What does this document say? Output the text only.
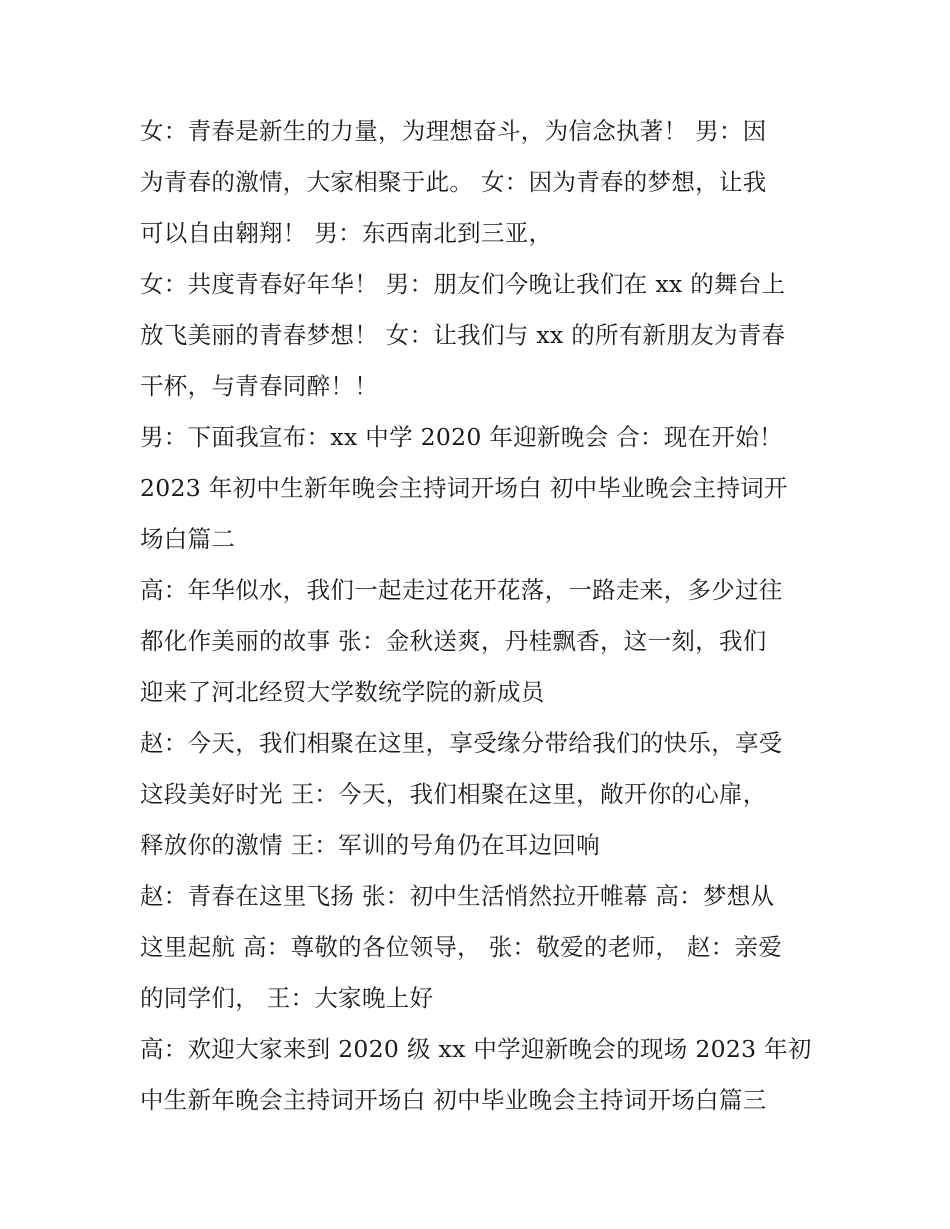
女：青春是新生的力量，为理想奋斗，为信念执著！ 男：因
为青春的激情，大家相聚于此。 女：因为青春的梦想，让我
可以自由翱翔！ 男：东西南北到三亚，
女：共度青春好年华！ 男：朋友们今晚让我们在 xx 的舞台上
放飞美丽的青春梦想！ 女：让我们与 xx 的所有新朋友为青春
干杯，与青春同醉！！
男：下面我宣布：xx 中学 2020 年迎新晚会 合：现在开始！
2023 年初中生新年晚会主持词开场白 初中毕业晚会主持词开
场白篇二
高：年华似水，我们一起走过花开花落，一路走来，多少过往
都化作美丽的故事 张：金秋送爽，丹桂飘香，这一刻，我们
迎来了河北经贸大学数统学院的新成员
赵：今天，我们相聚在这里，享受缘分带给我们的快乐，享受
这段美好时光 王：今天，我们相聚在这里，敞开你的心扉，
释放你的激情 王：军训的号角仍在耳边回响
赵：青春在这里飞扬 张：初中生活悄然拉开帷幕 高：梦想从
这里起航 高：尊敬的各位领导， 张：敬爱的老师， 赵：亲爱
的同学们， 王：大家晚上好
高：欢迎大家来到 2020 级 xx 中学迎新晚会的现场 2023 年初
中生新年晚会主持词开场白 初中毕业晚会主持词开场白篇三
